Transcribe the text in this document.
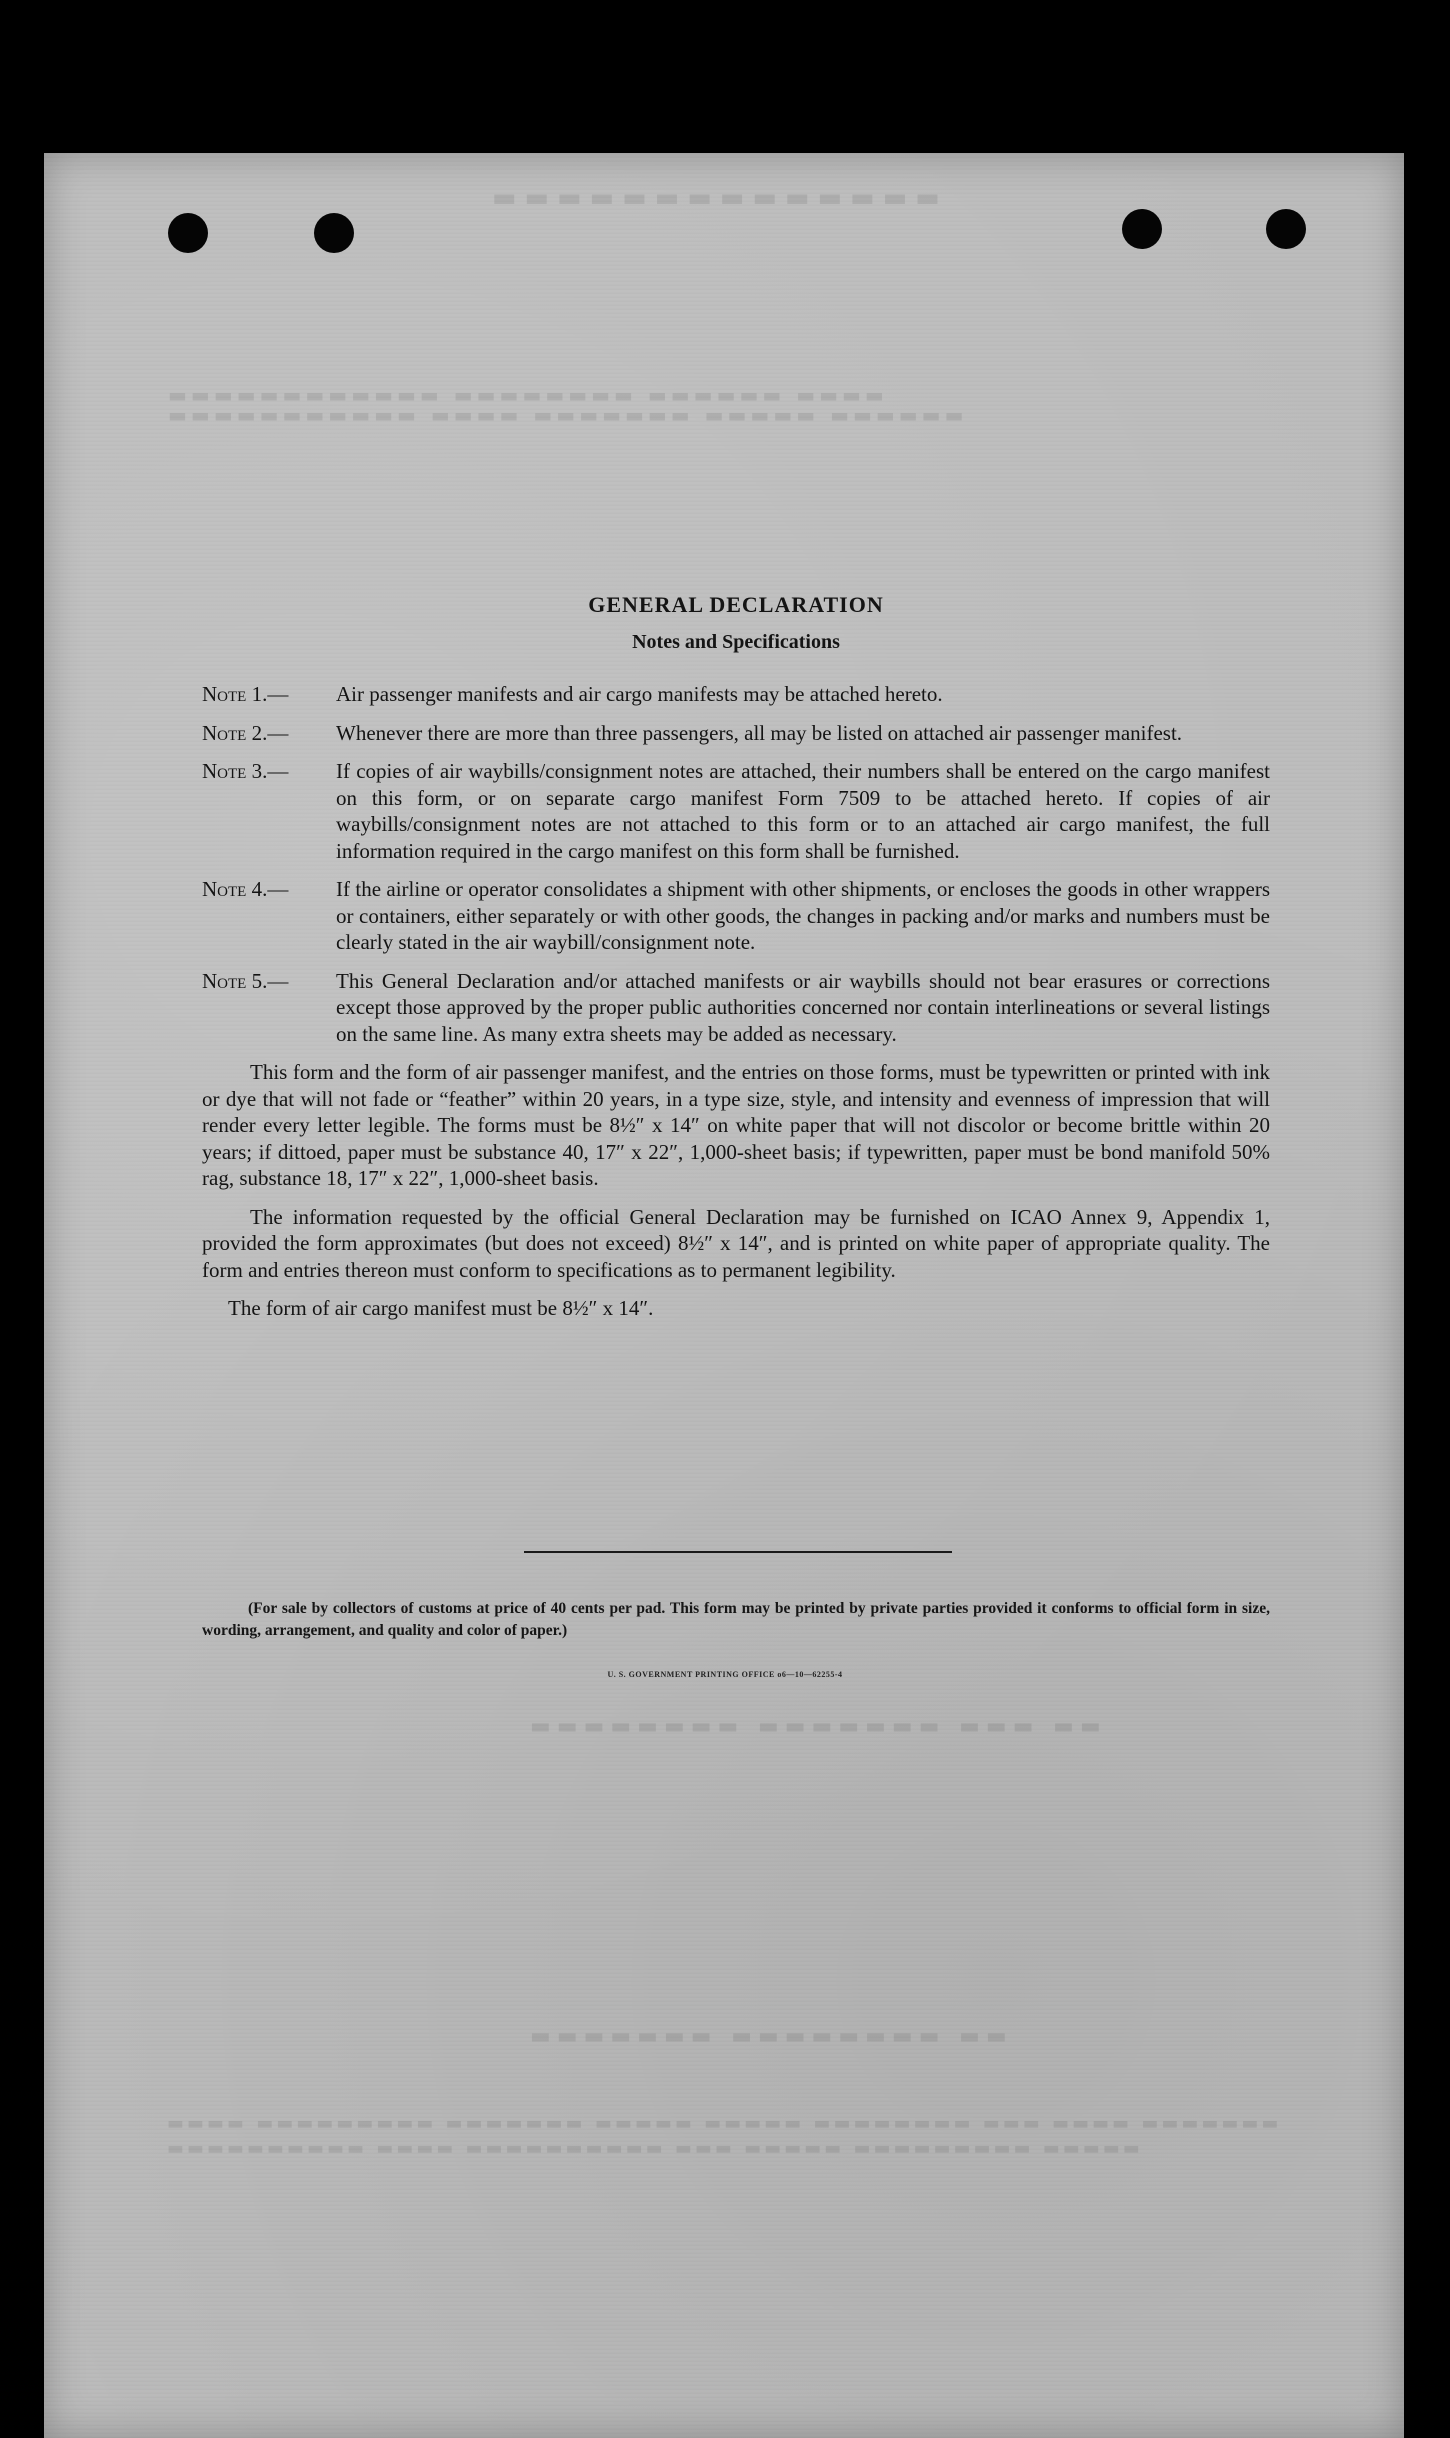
▬▬▬▬▬▬▬▬▬▬▬▬▬▬
▬▬▬▬ ▬▬▬▬▬▬ ▬▬▬▬▬▬▬▬ ▬▬▬▬▬▬▬▬▬▬▬▬
▬▬▬▬▬▬ ▬▬▬▬▬ ▬▬▬▬▬▬▬ ▬▬▬▬ ▬▬▬▬▬▬▬▬▬▬▬
▬▬ ▬▬▬ ▬▬▬▬▬▬▬ ▬▬▬▬▬▬▬▬
▬▬ ▬▬▬▬▬▬▬▬ ▬▬▬▬▬▬▬
▬▬▬▬▬▬▬ ▬▬▬▬ ▬▬▬ ▬▬▬▬▬▬▬▬ ▬▬▬▬▬ ▬▬▬▬▬ ▬▬▬▬▬▬▬ ▬▬▬▬▬▬▬▬▬ ▬▬▬▬
▬▬▬▬▬ ▬▬▬▬▬▬▬▬▬ ▬▬▬▬▬ ▬▬▬ ▬▬▬▬▬▬▬▬▬▬ ▬▬▬▬ ▬▬▬▬▬▬▬▬▬▬
GENERAL DECLARATION
Notes and Specifications
Note 1.—	Air passenger manifests and air cargo manifests may be attached hereto.
Note 2.—	Whenever there are more than three passengers, all may be listed on attached air passenger manifest.
Note 3.—	If copies of air waybills/consignment notes are attached, their numbers shall be entered on the cargo manifest on this form, or on separate cargo manifest Form 7509 to be attached hereto. If copies of air waybills/consignment notes are not attached to this form or to an attached air cargo manifest, the full information required in the cargo manifest on this form shall be furnished.
Note 4.—	If the airline or operator consolidates a shipment with other shipments, or encloses the goods in other wrappers or containers, either separately or with other goods, the changes in packing and/or marks and numbers must be clearly stated in the air waybill/consignment note.
Note 5.—	This General Declaration and/or attached manifests or air waybills should not bear erasures or corrections except those approved by the proper public authorities concerned nor contain interlineations or several listings on the same line. As many extra sheets may be added as necessary.

This form and the form of air passenger manifest, and the entries on those forms, must be typewritten or printed with ink or dye that will not fade or “feather” within 20 years, in a type size, style, and intensity and evenness of impression that will render every letter legible. The forms must be 8½″ x 14″ on white paper that will not discolor or become brittle within 20 years; if dittoed, paper must be substance 40, 17″ x 22″, 1,000-sheet basis; if typewritten, paper must be bond manifold 50% rag, substance 18, 17″ x 22″, 1,000-sheet basis.

The information requested by the official General Declaration may be furnished on ICAO Annex 9, Appendix 1, provided the form approximates (but does not exceed) 8½″ x 14″, and is printed on white paper of appropriate quality. The form and entries thereon must conform to specifications as to permanent legibility.

The form of air cargo manifest must be 8½″ x 14″.

(For sale by collectors of customs at price of 40 cents per pad. This form may be printed by private parties provided it conforms to official form in size, wording, arrangement, and quality and color of paper.)
U. S. GOVERNMENT PRINTING OFFICE o6—10—62255-4
